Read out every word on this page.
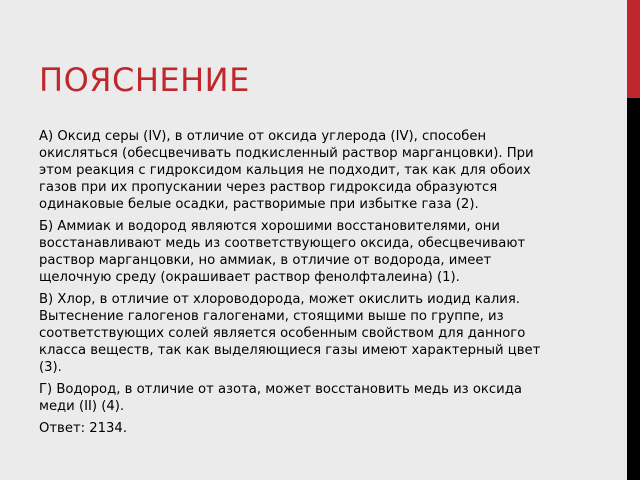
ПОЯСНЕНИЕ

А) Оксид серы (IV), в отличие от оксида углерода (IV), способен окисляться (обесцвечивать подкисленный раствор марганцовки). При этом реакция с гидроксидом кальция не подходит, так как для обоих газов при их пропускании через раствор гидроксида образуются одинаковые белые осадки, растворимые при избытке газа (2).

Б) Аммиак и водород являются хорошими восстановителями, они восстанавливают медь из соответствующего оксида, обесцвечивают раствор марганцовки, но аммиак, в отличие от водорода, имеет щелочную среду (окрашивает раствор фенолфталеина) (1).

В) Хлор, в отличие от хлороводорода, может окислить иодид калия. Вытеснение галогенов галогенами, стоящими выше по группе, из соответствующих солей является особенным свойством для данного класса веществ, так как выделяющиеся газы имеют характерный цвет (3).

Г) Водород, в отличие от азота, может восстановить медь из оксида меди (II) (4).

Ответ: 2134.
